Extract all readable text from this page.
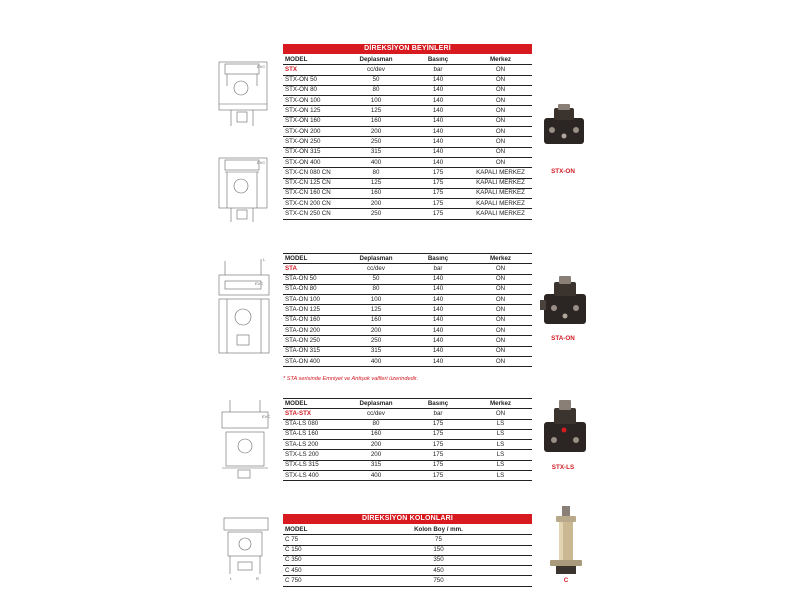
EVC
EVC
DİREKSİYON BEYİNLERİ
MODEL	Deplasman	Basınç	Merkez
STX	cc/dev	bar	ON
STX-ON 50	50	140	ON
STX-ON 80	80	140	ON
STX-ON 100	100	140	ON
STX-ON 125	125	140	ON
STX-ON 160	160	140	ON
STX-ON 200	200	140	ON
STX-ON 250	250	140	ON
STX-ON 315	315	140	ON
STX-ON 400	400	140	ON
STX-CN 080 CN	80	175	KAPALI MERKEZ
STX-CN 125 CN	125	175	KAPALI MERKEZ
STX-CN 160 CN	160	175	KAPALI MERKEZ
STX-CN 200 CN	200	175	KAPALI MERKEZ
STX-CN 250 CN	250	175	KAPALI MERKEZ
STX-ON
L
EVC
MODEL	Deplasman	Basınç	Merkez
STA	cc/dev	bar	ON
STA-ON 50	50	140	ON
STA-ON 80	80	140	ON
STA-ON 100	100	140	ON
STA-ON 125	125	140	ON
STA-ON 160	160	140	ON
STA-ON 200	200	140	ON
STA-ON 250	250	140	ON
STA-ON 315	315	140	ON
STA-ON 400	400	140	ON
* STA serisinde Emniyet ve Antişok valfleri üzerindedir.
STA-ON
EVC
MODEL	Deplasman	Basınç	Merkez
STA-STX	cc/dev	bar	ON
STA-LS 080	80	175	LS
STA-LS 160	160	175	LS
STA-LS 200	200	175	LS
STX-LS 200	200	175	LS
STX-LS 315	315	175	LS
STX-LS 400	400	175	LS
STX-LS
L	R
DİREKSİYON KOLONLARI
MODEL	Kolon Boy / mm.
C 75	75
C 150	150
C 350	350
C 450	450
C 750	750	C
